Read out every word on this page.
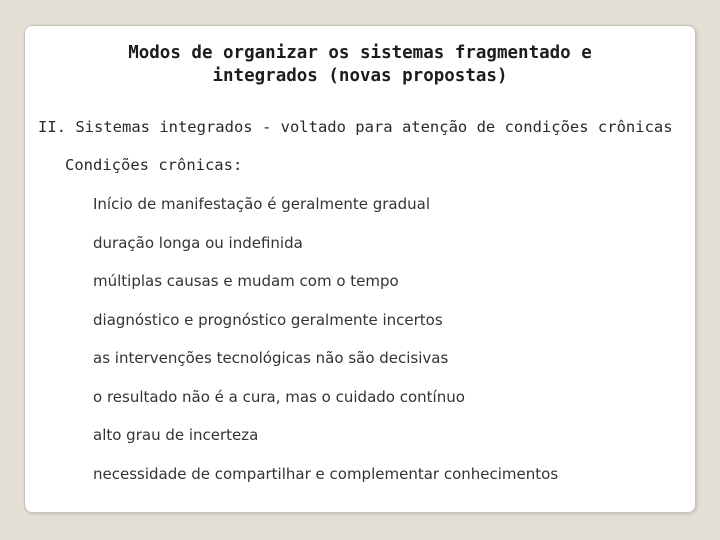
Modos de organizar os sistemas fragmentado e
integrados (novas propostas)

II. Sistemas integrados - voltado para atenção de condições crônicas

Condições crônicas:

Início de manifestação é geralmente gradual
duração longa ou indefinida
múltiplas causas e mudam com o tempo
diagnóstico e prognóstico geralmente incertos
as intervenções tecnológicas não são decisivas
o resultado não é a cura, mas o cuidado contínuo
alto grau de incerteza
necessidade de compartilhar e complementar conhecimentos
